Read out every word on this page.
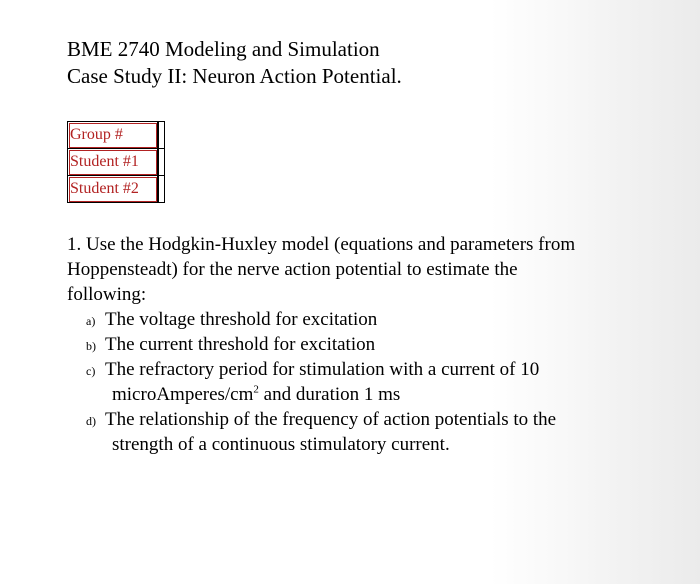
BME 2740 Modeling and Simulation
Case Study II: Neuron Action Potential.
Group #	
Student #1	
Student #2	
1. Use the Hodgkin-Huxley model (equations and parameters from
Hoppensteadt) for the nerve action potential to estimate the
following:
a) The voltage threshold for excitation
b) The current threshold for excitation
c) The refractory period for stimulation with a current of 10
microAmperes/$cm^2$ and duration 1 ms
d) The relationship of the frequency of action potentials to the
strength of a continuous stimulatory current.
